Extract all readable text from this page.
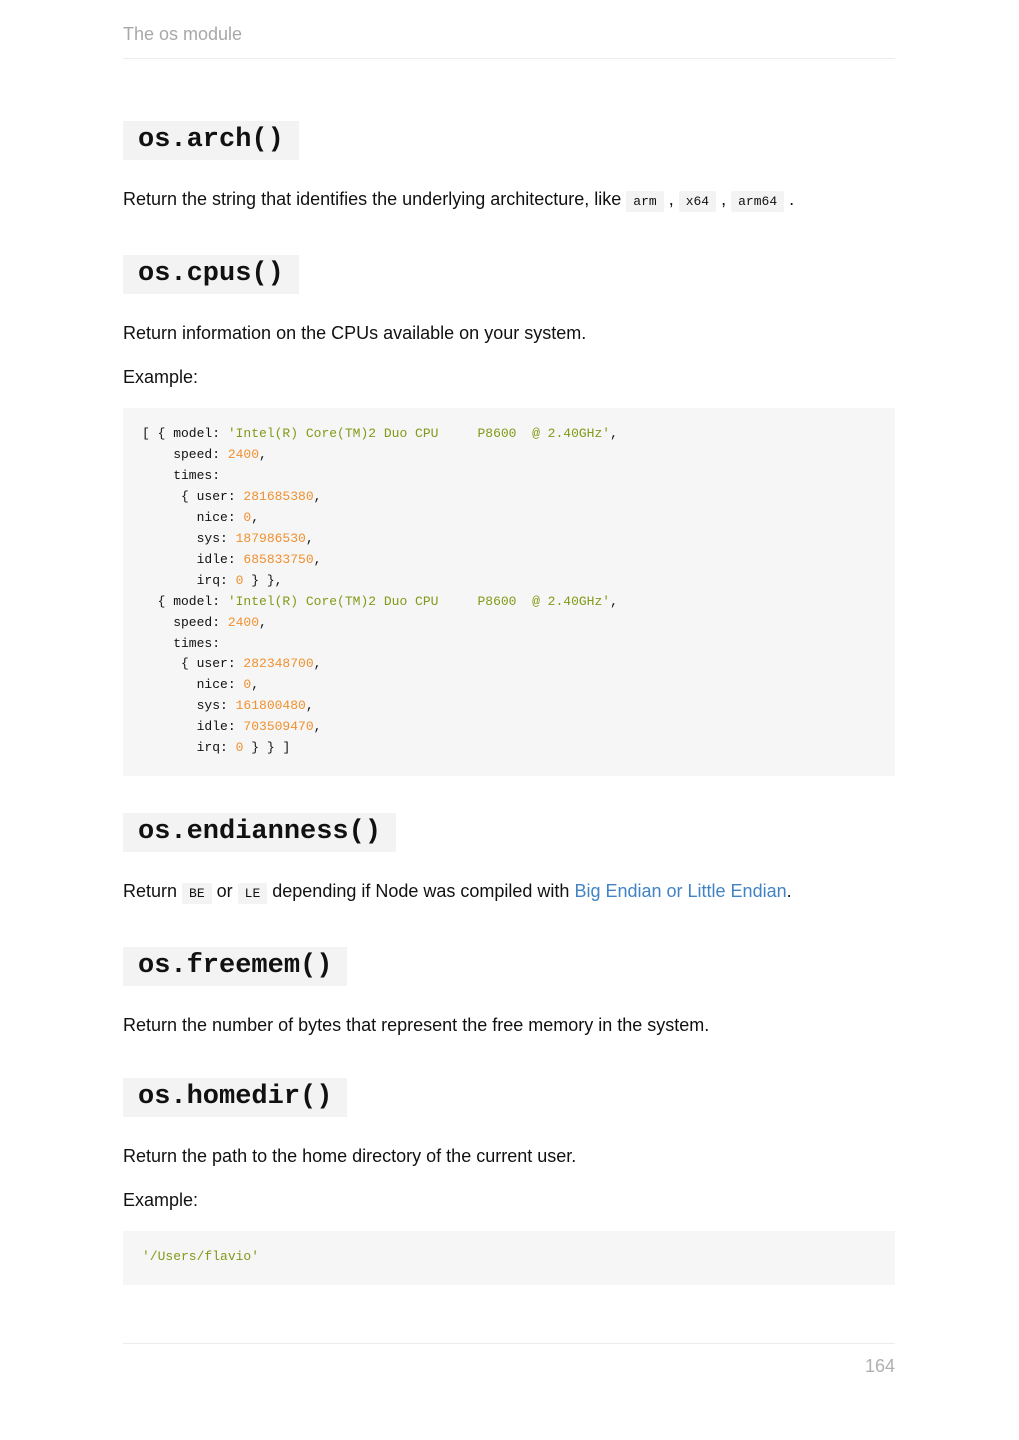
The os module
os.arch()

Return the string that identifies the underlying architecture, like arm , x64 , arm64 .

os.cpus()

Return information on the CPUs available on your system.

Example:

[ { model: 'Intel(R) Core(TM)2 Duo CPU     P8600  @ 2.40GHz',
speed: 2400,
times:
{ user: 281685380,
nice: 0,
sys: 187986530,
idle: 685833750,
irq: 0 } },
{ model: 'Intel(R) Core(TM)2 Duo CPU     P8600  @ 2.40GHz',
speed: 2400,
times:
{ user: 282348700,
nice: 0,
sys: 161800480,
idle: 703509470,
irq: 0 } } ]
os.endianness()

Return BE or LE depending if Node was compiled with Big Endian or Little Endian.

os.freemem()

Return the number of bytes that represent the free memory in the system.

os.homedir()

Return the path to the home directory of the current user.

Example:

'/Users/flavio'
164
